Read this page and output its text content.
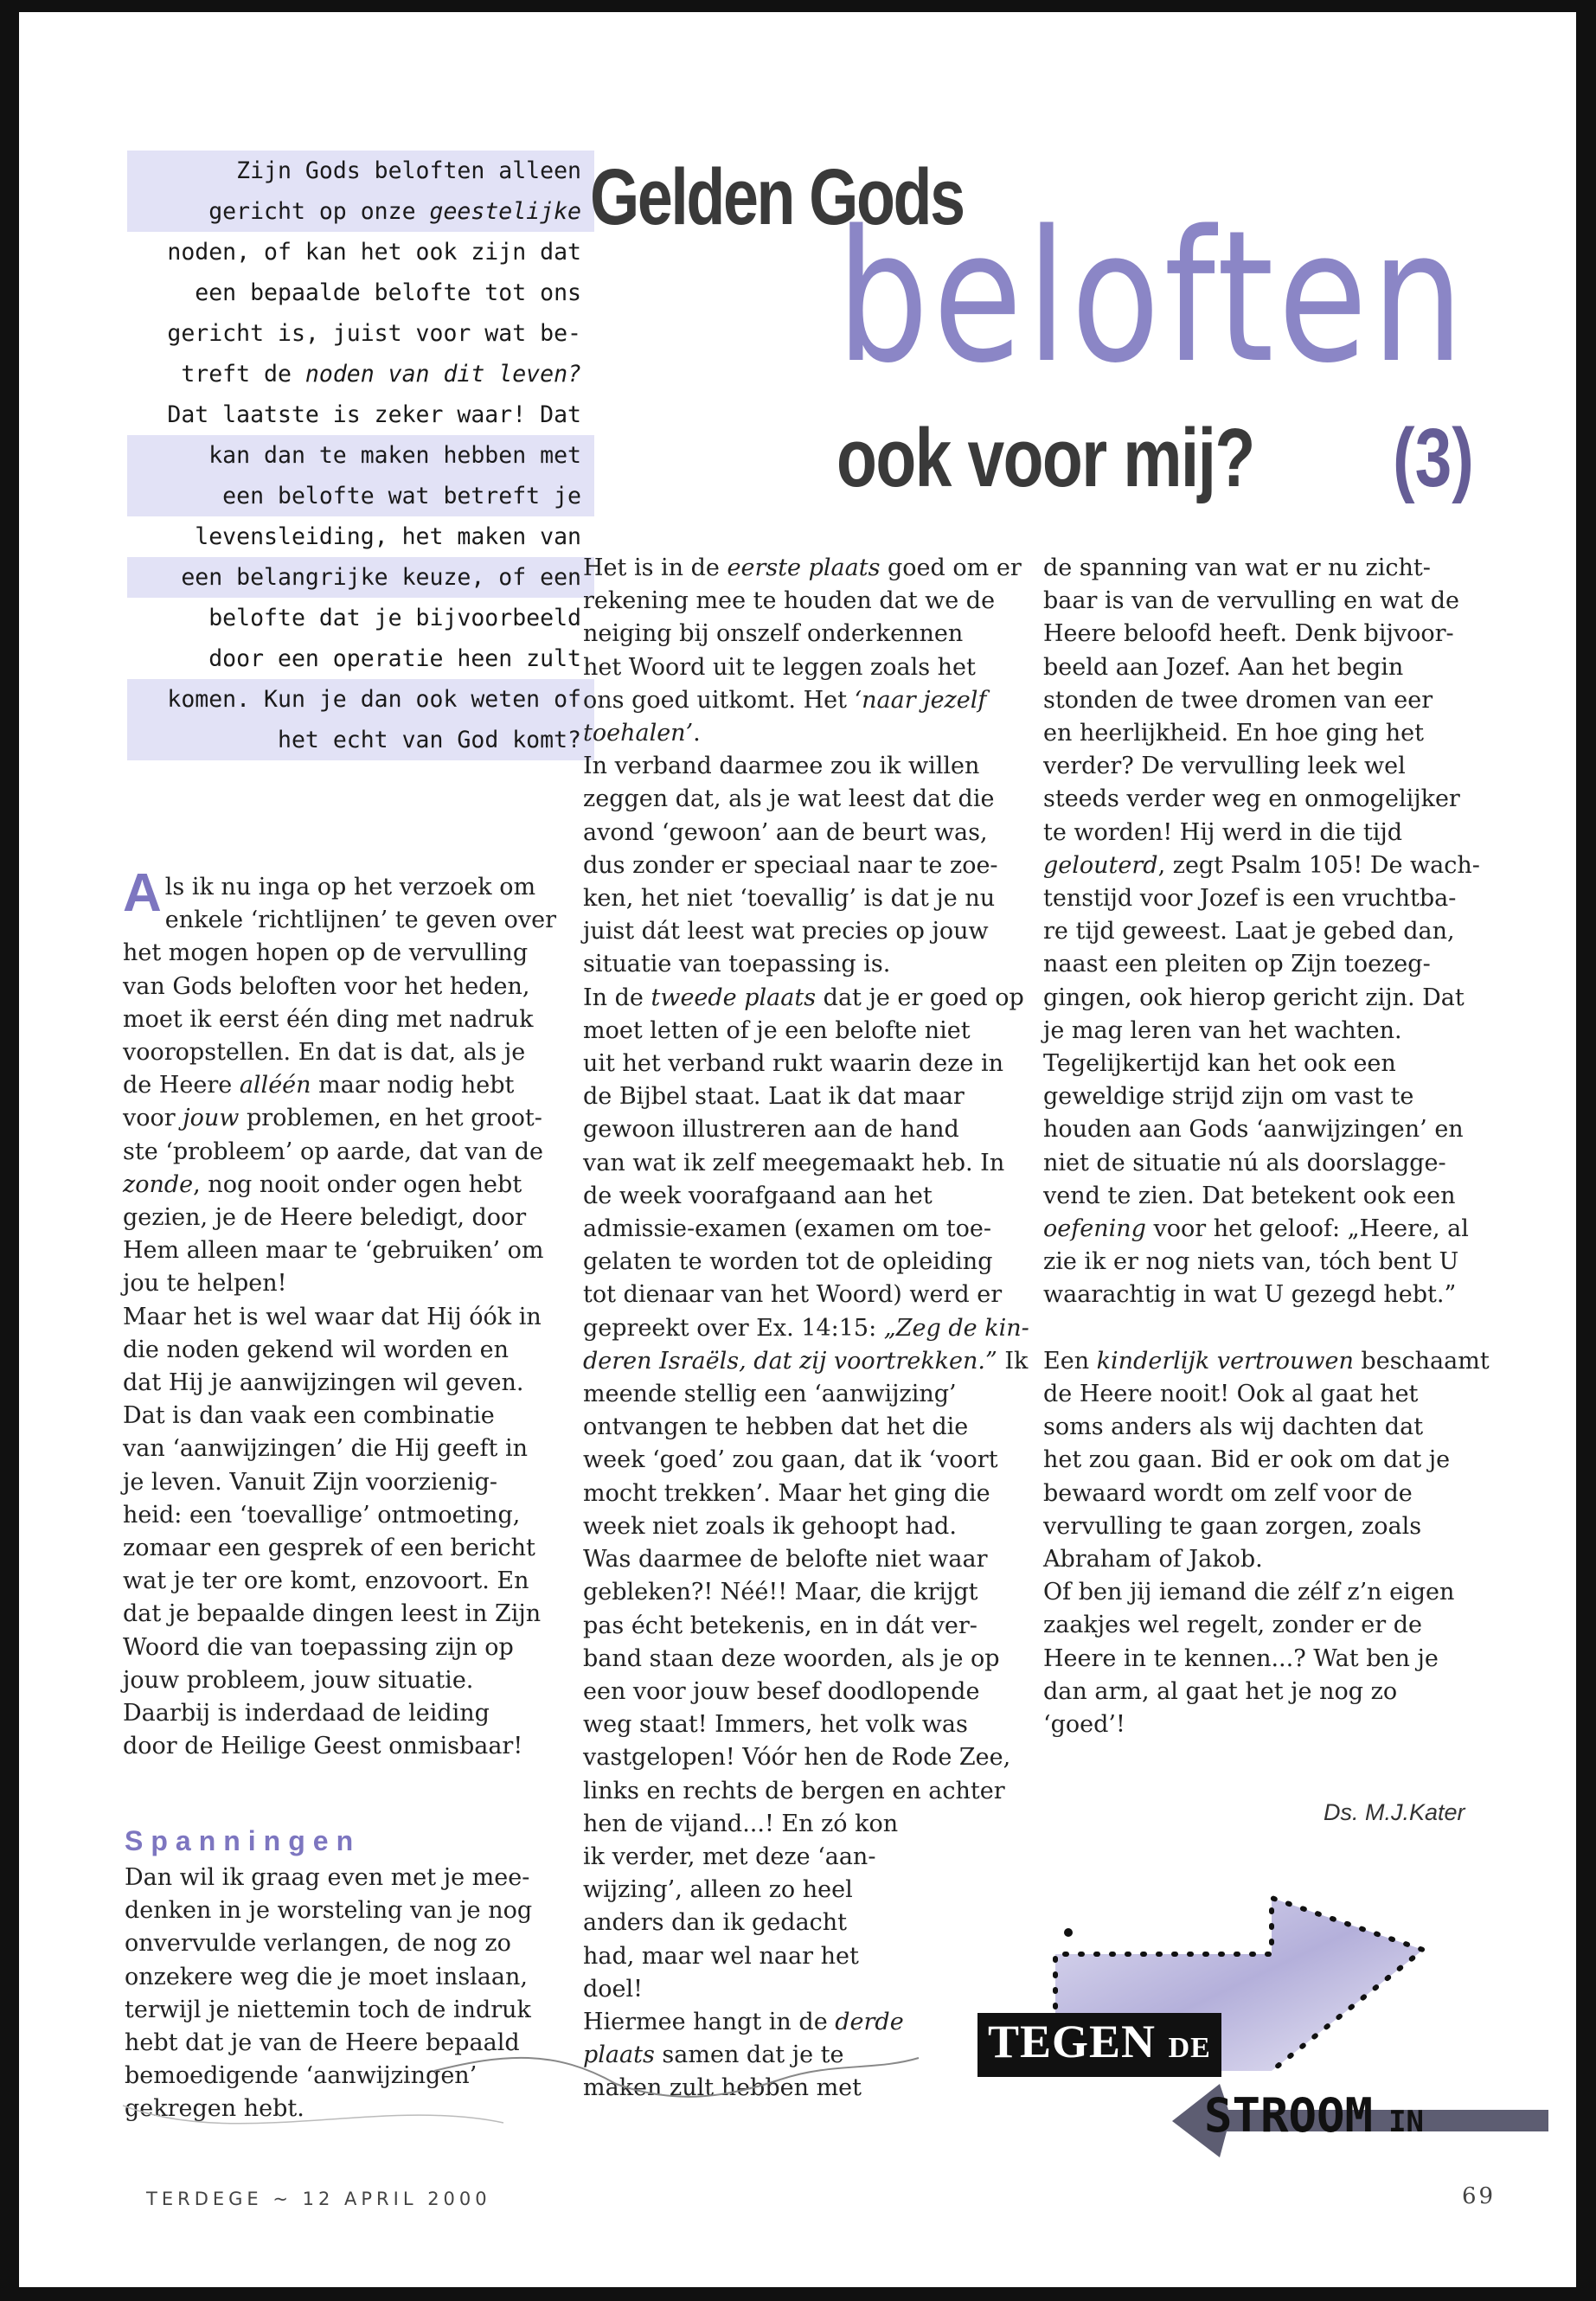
Zijn Gods beloften alleen
gericht op onze geestelijke
noden, of kan het ook zijn dat
een bepaalde belofte tot ons
gericht is, juist voor wat be-
treft de noden van dit leven?
Dat laatste is zeker waar! Dat
kan dan te maken hebben met
een belofte wat betreft je
levensleiding, het maken van
een belangrijke keuze, of een
belofte dat je bijvoorbeeld
door een operatie heen zult
komen. Kun je dan ook weten of
het echt van God komt?
Gelden Gods
beloften
ook voor mij? (3)
A ls ik nu inga op het verzoek om
enkele ‘richtlijnen’ te geven over
het mogen hopen op de vervulling
van Gods beloften voor het heden,
moet ik eerst één ding met nadruk
vooropstellen. En dat is dat, als je
de Heere alléén maar nodig hebt
voor jouw problemen, en het groot-
ste ‘probleem’ op aarde, dat van de
zonde, nog nooit onder ogen hebt
gezien, je de Heere beledigt, door
Hem alleen maar te ‘gebruiken’ om
jou te helpen!
Maar het is wel waar dat Hij óók in
die noden gekend wil worden en
dat Hij je aanwijzingen wil geven.
Dat is dan vaak een combinatie
van ‘aanwijzingen’ die Hij geeft in
je leven. Vanuit Zijn voorzienig-
heid: een ‘toevallige’ ontmoeting,
zomaar een gesprek of een bericht
wat je ter ore komt, enzovoort. En
dat je bepaalde dingen leest in Zijn
Woord die van toepassing zijn op
jouw probleem, jouw situatie.
Daarbij is inderdaad de leiding
door de Heilige Geest onmisbaar!
Spanningen
Dan wil ik graag even met je mee-
denken in je worsteling van je nog
onvervulde verlangen, de nog zo
onzekere weg die je moet inslaan,
terwijl je niettemin toch de indruk
hebt dat je van de Heere bepaald
bemoedigende ‘aanwijzingen’
gekregen hebt.
Het is in de eerste plaats goed om er
rekening mee te houden dat we de
neiging bij onszelf onderkennen
het Woord uit te leggen zoals het
ons goed uitkomt. Het ‘naar jezelf
toehalen’.
In verband daarmee zou ik willen
zeggen dat, als je wat leest dat die
avond ‘gewoon’ aan de beurt was,
dus zonder er speciaal naar te zoe-
ken, het niet ‘toevallig’ is dat je nu
juist dát leest wat precies op jouw
situatie van toepassing is.
In de tweede plaats dat je er goed op
moet letten of je een belofte niet
uit het verband rukt waarin deze in
de Bijbel staat. Laat ik dat maar
gewoon illustreren aan de hand
van wat ik zelf meegemaakt heb. In
de week voorafgaand aan het
admissie-examen (examen om toe-
gelaten te worden tot de opleiding
tot dienaar van het Woord) werd er
gepreekt over Ex. 14:15: „Zeg de kin-
deren Israëls, dat zij voortrekken.” Ik
meende stellig een ‘aanwijzing’
ontvangen te hebben dat het die
week ‘goed’ zou gaan, dat ik ‘voort
mocht trekken’. Maar het ging die
week niet zoals ik gehoopt had.
Was daarmee de belofte niet waar
gebleken?! Néé!! Maar, die krijgt
pas écht betekenis, en in dát ver-
band staan deze woorden, als je op
een voor jouw besef doodlopende
weg staat! Immers, het volk was
vastgelopen! Vóór hen de Rode Zee,
links en rechts de bergen en achter
hen de vijand...! En zó kon
ik verder, met deze ‘aan-
wijzing’, alleen zo heel
anders dan ik gedacht
had, maar wel naar het
doel!
Hiermee hangt in de derde
plaats samen dat je te
maken zult hebben met
de spanning van wat er nu zicht-
baar is van de vervulling en wat de
Heere beloofd heeft. Denk bijvoor-
beeld aan Jozef. Aan het begin
stonden de twee dromen van eer
en heerlijkheid. En hoe ging het
verder? De vervulling leek wel
steeds verder weg en onmogelijker
te worden! Hij werd in die tijd
gelouterd, zegt Psalm 105! De wach-
tenstijd voor Jozef is een vruchtba-
re tijd geweest. Laat je gebed dan,
naast een pleiten op Zijn toezeg-
gingen, ook hierop gericht zijn. Dat
je mag leren van het wachten.
Tegelijkertijd kan het ook een
geweldige strijd zijn om vast te
houden aan Gods ‘aanwijzingen’ en
niet de situatie nú als doorslagge-
vend te zien. Dat betekent ook een
oefening voor het geloof: „Heere, al
zie ik er nog niets van, tóch bent U
waarachtig in wat U gezegd hebt.”
Een kinderlijk vertrouwen beschaamt
de Heere nooit! Ook al gaat het
soms anders als wij dachten dat
het zou gaan. Bid er ook om dat je
bewaard wordt om zelf voor de
vervulling te gaan zorgen, zoals
Abraham of Jakob.
Of ben jij iemand die zélf z’n eigen
zaakjes wel regelt, zonder er de
Heere in te kennen...? Wat ben je
dan arm, al gaat het je nog zo
‘goed’!
Ds. M.J.Kater
TEGEN DE
STROOM IN
TERDEGE ~ 12 APRIL 2000	69
